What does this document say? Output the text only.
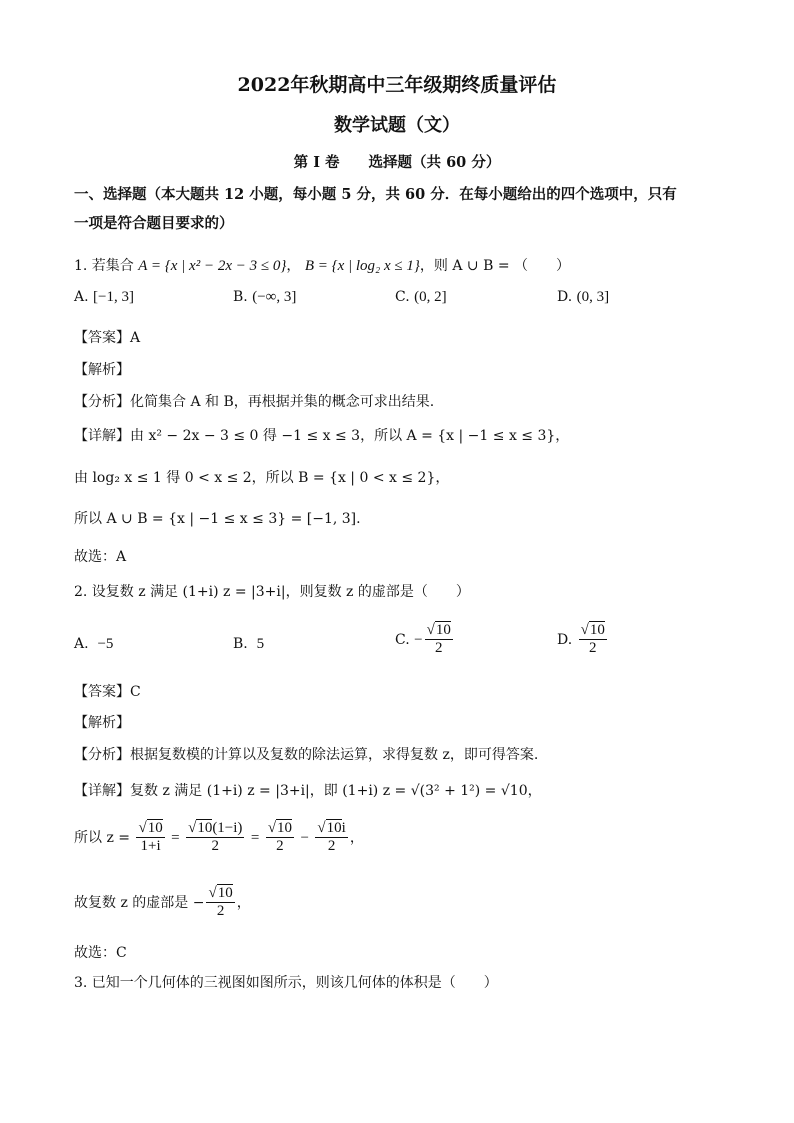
2022年秋期高中三年级期终质量评估
数学试题（文）
第 I 卷　　选择题（共 60 分）
一、选择题（本大题共 12 小题，每小题 5 分，共 60 分．在每小题给出的四个选项中，只有
一项是符合题目要求的）
1. 若集合 A = {x | x² − 2x − 3 ≤ 0}， B = {x | log₂ x ≤ 1}，则 A ∪ B = （　　）
A. [−1, 3]	B. (−∞, 3]	C. (0, 2]	D. (0, 3]
【答案】A
【解析】
【分析】化简集合 A 和 B，再根据并集的概念可求出结果.
【详解】由 x² − 2x − 3 ≤ 0 得 −1 ≤ x ≤ 3，所以 A = {x | −1 ≤ x ≤ 3}，
由 log₂ x ≤ 1 得 0 < x ≤ 2，所以 B = {x | 0 < x ≤ 2}，
所以 A ∪ B = {x | −1 ≤ x ≤ 3} = [−1, 3].
故选：A
2. 设复数 z 满足 (1+i) z = |3+i|，则复数 z 的虚部是（　　）
A. −5	B. 5	C. − $\frac{√10}{2}$	D. $\frac{√10}{2}$
【答案】C
【解析】
【分析】根据复数模的计算以及复数的除法运算，求得复数 z，即可得答案.
【详解】复数 z 满足 (1+i) z = |3+i|，即 (1+i) z = √(3² + 1²) = √10，
所以 $z = \frac{√10}{1+i} = \frac{√10(1-i)}{2} = \frac{√10}{2} - \frac{√10i}{2}$ ，
故复数 z 的虚部是 − $\frac{√10}{2}$ ，
故选：C
3. 已知一个几何体的三视图如图所示，则该几何体的体积是（　　）
